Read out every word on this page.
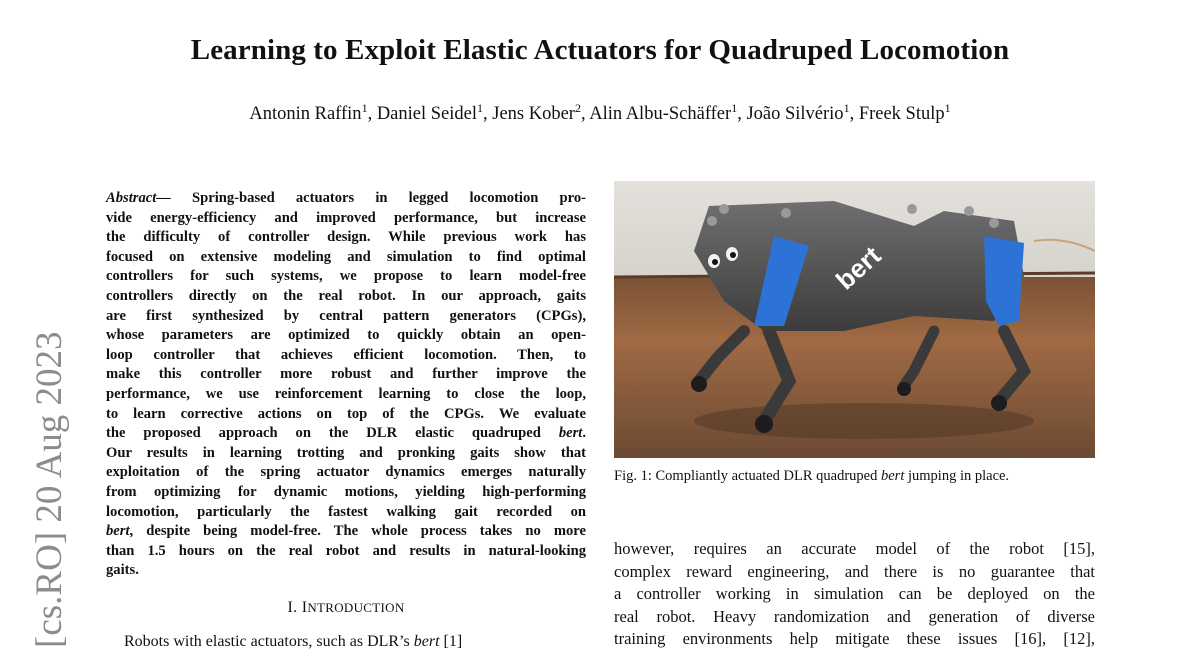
Learning to Exploit Elastic Actuators for Quadruped Locomotion
Antonin Raffin$^1$, Daniel Seidel$^1$, Jens Kober$^2$, Alin Albu-Schäffer$^1$, João Silvério$^1$, Freek Stulp$^1$
[cs.RO] 20 Aug 2023
Abstract— Spring-based actuators in legged locomotion pro-
vide energy-efficiency and improved performance, but increase
the difficulty of controller design. While previous work has
focused on extensive modeling and simulation to find optimal
controllers for such systems, we propose to learn model-free
controllers directly on the real robot. In our approach, gaits
are first synthesized by central pattern generators (CPGs),
whose parameters are optimized to quickly obtain an open-
loop controller that achieves efficient locomotion. Then, to
make this controller more robust and further improve the
performance, we use reinforcement learning to close the loop,
to learn corrective actions on top of the CPGs. We evaluate
the proposed approach on the DLR elastic quadruped bert.
Our results in learning trotting and pronking gaits show that
exploitation of the spring actuator dynamics emerges naturally
from optimizing for dynamic motions, yielding high-performing
locomotion, particularly the fastest walking gait recorded on
bert, despite being model-free. The whole process takes no more
than 1.5 hours on the real robot and results in natural-looking
gaits.
I. INTRODUCTION
Robots with elastic actuators, such as DLR’s bert [1]
bert
Fig. 1: Compliantly actuated DLR quadruped bert jumping in place.
however, requires an accurate model of the robot [15],
complex reward engineering, and there is no guarantee that
a controller working in simulation can be deployed on the
real robot. Heavy randomization and generation of diverse
training environments help mitigate these issues [16], [12],
